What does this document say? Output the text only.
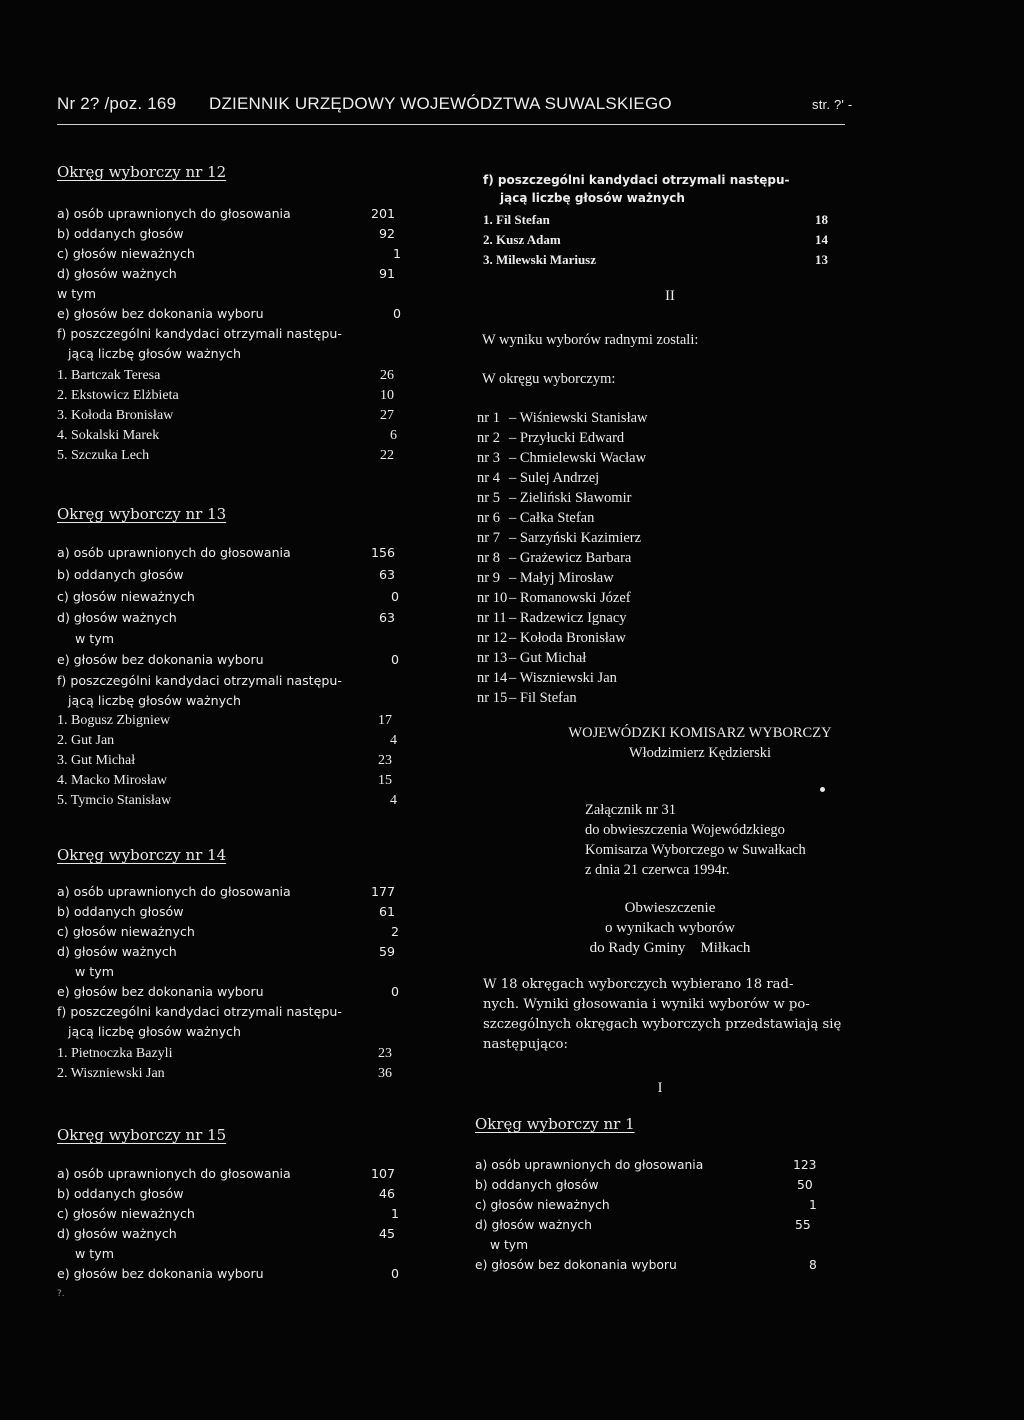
Nr 2? /poz. 169 DZIENNIK URZĘDOWY WOJEWÓDZTWA SUWALSKIEGO	str. ?' -
Okręg wyborczy nr 12
a) osób uprawnionych do głosowania	201
b) oddanych głosów	92
c) głosów nieważnych	1
d) głosów ważnych	91
w tym
e) głosów bez dokonania wyboru	0
f) poszczególni kandydaci otrzymali następu-
jącą liczbę głosów ważnych
1. Bartczak Teresa	26
2. Ekstowicz Elżbieta	10
3. Kołoda Bronisław	27
4. Sokalski Marek	6
5. Szczuka Lech	22
Okręg wyborczy nr 13
a) osób uprawnionych do głosowania	156
b) oddanych głosów	63
c) głosów nieważnych	0
d) głosów ważnych	63
w tym
e) głosów bez dokonania wyboru	0
f) poszczególni kandydaci otrzymali następu-
jącą liczbę głosów ważnych
1. Bogusz Zbigniew	17
2. Gut Jan	4
3. Gut Michał	23
4. Macko Mirosław	15
5. Tymcio Stanisław	4
Okręg wyborczy nr 14
a) osób uprawnionych do głosowania	177
b) oddanych głosów	61
c) głosów nieważnych	2
d) głosów ważnych	59
w tym
e) głosów bez dokonania wyboru	0
f) poszczególni kandydaci otrzymali następu-
jącą liczbę głosów ważnych
1. Pietnoczka Bazyli	23
2. Wiszniewski Jan	36
Okręg wyborczy nr 15
a) osób uprawnionych do głosowania	107
b) oddanych głosów	46
c) głosów nieważnych	1
d) głosów ważnych	45
w tym
e) głosów bez dokonania wyboru	0
?.
f) poszczególni kandydaci otrzymali następu-
jącą liczbę głosów ważnych
1. Fil Stefan	18
2. Kusz Adam	14
3. Milewski Mariusz	13
II
W wyniku wyborów radnymi zostali:
W okręgu wyborczym:
nr 1 – Wiśniewski Stanisław
nr 2 – Przyłucki Edward
nr 3 – Chmielewski Wacław
nr 4 – Sulej Andrzej
nr 5 – Zieliński Sławomir
nr 6 – Całka Stefan
nr 7 – Sarzyński Kazimierz
nr 8 – Grażewicz Barbara
nr 9 – Małyj Mirosław
nr 10 – Romanowski Józef
nr 11 – Radzewicz Ignacy
nr 12 – Kołoda Bronisław
nr 13 – Gut Michał
nr 14 – Wiszniewski Jan
nr 15 – Fil Stefan
WOJEWÓDZKI KOMISARZ WYBORCZY
Włodzimierz Kędzierski
Załącznik nr 31
do obwieszczenia Wojewódzkiego
Komisarza Wyborczego w Suwałkach
z dnia 21 czerwca 1994r.
Obwieszczenie
o wynikach wyborów
do Rady Gminy    Miłkach
W 18 okręgach wyborczych wybierano 18 rad-
nych. Wyniki głosowania i wyniki wyborów w po-
szczególnych okręgach wyborczych przedstawiają się
następująco:
I
Okręg wyborczy nr 1
a) osób uprawnionych do głosowania	123
b) oddanych głosów	50
c) głosów nieważnych	1
d) głosów ważnych	55
w tym
e) głosów bez dokonania wyboru	8
